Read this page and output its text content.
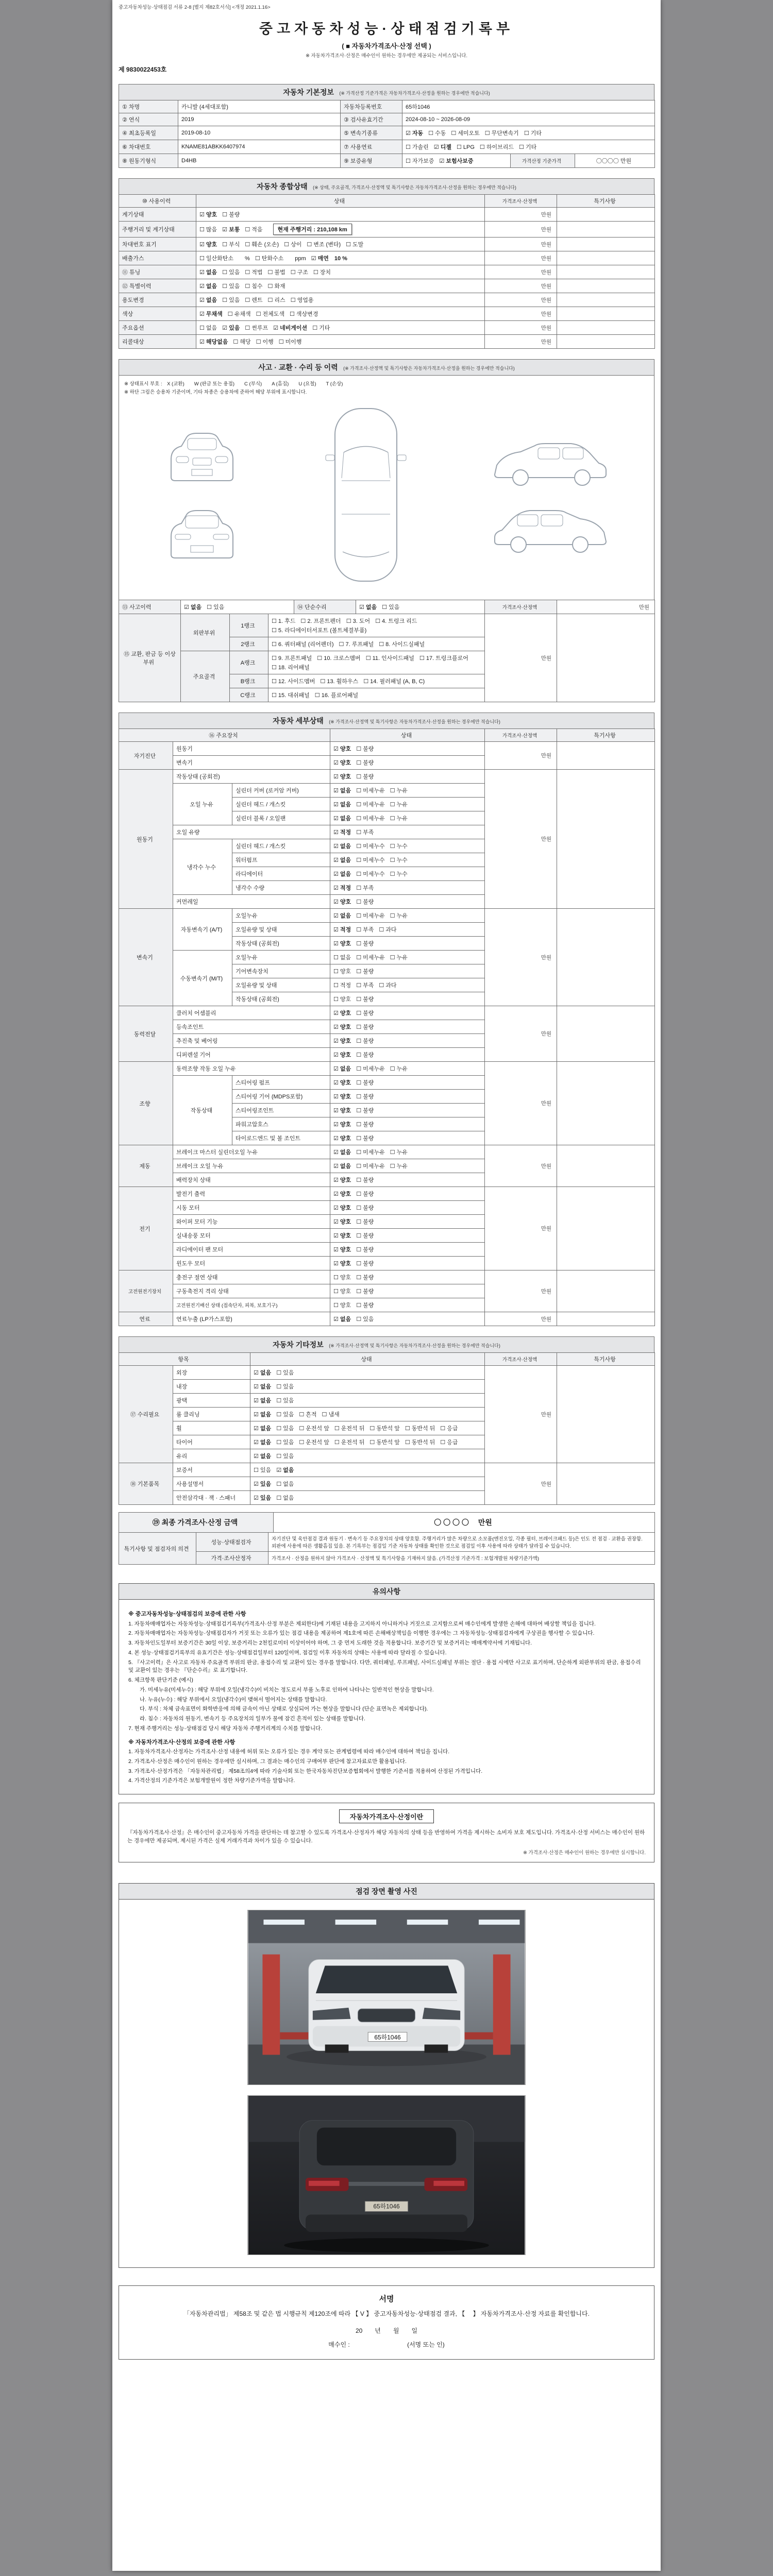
중고자동차성능·상태점검 서류 2-8 [별지 제82호서식] <개정 2021.1.16>
중고자동차성능·상태점검기록부
( ■ 자동차가격조사·산정 선택 )
※ 자동차가격조사·산정은 매수인이 원하는 경우에만 제공되는 서비스입니다.
제 9830022453호
자동차 기본정보 (※ 가격산정 기준가격은 자동차가격조사·산정을 원하는 경우에만 적습니다)
① 차명	카니발 (4세대포함)	자동차등록번호	65하1046		
② 연식	2019	③ 검사유효기간	2024-08-10 ~ 2026-08-09		
④ 최초등록일	2019-08-10	⑤ 변속기종류	☑ 자동 ☐ 수동 ☐ 세미오토 ☐ 무단변속기 ☐ 기타		
⑥ 차대번호	KNAME81ABKK6407974	⑦ 사용연료	☐ 가솔린 ☑ 디젤 ☐ LPG ☐ 하이브리드 ☐ 기타		
⑧ 원동기형식	D4HB	⑨ 보증유형	☐ 자가보증 ☑ 보험사보증	가격산정 기준가격	〇〇〇〇 만원
자동차 종합상태 (※ 상태, 주요골격, 가격조사·산정액 및 특기사항은 자동차가격조사·산정을 원하는 경우에만 적습니다)
⑩ 사용이력	상태	가격조사·산정액	특기사항
계기상태	☑ 양호 ☐ 불량	만원	
주행거리 및 계기상태	☐ 많음 ☑ 보통 ☐ 적음 현재 주행거리 : 210,108 km	만원	
차대번호 표기	☑ 양호 ☐ 부식 ☐ 훼손 (오손) ☐ 상이 ☐ 변조 (변타) ☐ 도말	만원	
배출가스	☐ 일산화탄소　　% ☐ 탄화수소　　ppm ☑ 매연　10 %	만원	
⑪ 튜닝	☑ 없음 ☐ 있음 ☐ 적법 ☐ 불법 ☐ 구조 ☐ 장치	만원	
⑫ 특별이력	☑ 없음 ☐ 있음 ☐ 침수 ☐ 화재	만원	
용도변경	☑ 없음 ☐ 있음 ☐ 렌트 ☐ 리스 ☐ 영업용	만원	
색상	☑ 무채색 ☐ 유채색 ☐ 전체도색 ☐ 색상변경	만원	
주요옵션	☐ 없음 ☑ 있음 ☐ 썬루프 ☑ 네비게이션 ☐ 기타	만원	
리콜대상	☑ 해당없음 ☐ 해당 ☐ 이행 ☐ 미이행	만원	
사고 · 교환 · 수리 등 이력 (※ 가격조사·산정액 및 특기사항은 자동차가격조사·산정을 원하는 경우에만 적습니다)
※ 상태표시 부호 :　X (교환)　　W (판금 또는 용접)　　C (부식)　　A (흠집)　　U (요철)　　T (손상)
※ 하단 그림은 승용차 기준이며, 기타 차종은 승용차에 준하여 해당 부위에 표시합니다.
⑬ 사고이력	☑ 없음 ☐ 있음	⑭ 단순수리	☑ 없음 ☐ 있음	가격조사·산정액	만원
⑮ 교환, 판금 등 이상 부위	외판부위	1랭크	☐ 1. 후드 ☐ 2. 프론트펜더 ☐ 3. 도어 ☐ 4. 트렁크 리드☐ 5. 라디에이터서포트 (볼트체결부품)	만원	
		2랭크	☐ 6. 쿼터패널 (리어펜더) ☐ 7. 루프패널 ☐ 8. 사이드실패널		
	주요골격	A랭크	☐ 9. 프론트패널 ☐ 10. 크로스멤버 ☐ 11. 인사이드패널 ☐ 17. 트렁크플로어☐ 18. 리어패널		
		B랭크	☐ 12. 사이드멤버 ☐ 13. 휠하우스 ☐ 14. 필러패널 (A, B, C)		
		C랭크	☐ 15. 대쉬패널 ☐ 16. 플로어패널		
자동차 세부상태 (※ 가격조사·산정액 및 특기사항은 자동차가격조사·산정을 원하는 경우에만 적습니다)
⑯ 주요장치			상태	가격조사·산정액	특기사항
자기진단	원동기		☑ 양호 ☐ 불량	만원	
	변속기		☑ 양호 ☐ 불량		
원동기	작동상태 (공회전)		☑ 양호 ☐ 불량	만원	
	오일 누유	실린더 커버 (로커암 커버)	☑ 없음 ☐ 미세누유 ☐ 누유		
		실린더 헤드 / 개스킷	☑ 없음 ☐ 미세누유 ☐ 누유		
		실린더 블록 / 오일팬	☑ 없음 ☐ 미세누유 ☐ 누유		
	오일 유량		☑ 적정 ☐ 부족		
	냉각수 누수	실린더 헤드 / 개스킷	☑ 없음 ☐ 미세누수 ☐ 누수		
		워터펌프	☑ 없음 ☐ 미세누수 ☐ 누수		
		라디에이터	☑ 없음 ☐ 미세누수 ☐ 누수		
		냉각수 수량	☑ 적정 ☐ 부족		
	커먼레일		☑ 양호 ☐ 불량		
변속기	자동변속기 (A/T)	오일누유	☑ 없음 ☐ 미세누유 ☐ 누유	만원	
		오일유량 및 상태	☑ 적정 ☐ 부족 ☐ 과다		
		작동상태 (공회전)	☑ 양호 ☐ 불량		
	수동변속기 (M/T)	오일누유	☐ 없음 ☐ 미세누유 ☐ 누유		
		기어변속장치	☐ 양호 ☐ 불량		
		오일유량 및 상태	☐ 적정 ☐ 부족 ☐ 과다		
		작동상태 (공회전)	☐ 양호 ☐ 불량		
동력전달	클러치 어셈블리		☑ 양호 ☐ 불량	만원	
	등속조인트		☑ 양호 ☐ 불량		
	추진축 및 베어링		☑ 양호 ☐ 불량		
	디퍼렌셜 기어		☑ 양호 ☐ 불량		
조향	동력조향 작동 오일 누유		☑ 없음 ☐ 미세누유 ☐ 누유	만원	
	작동상태	스티어링 펌프	☑ 양호 ☐ 불량		
		스티어링 기어 (MDPS포함)	☑ 양호 ☐ 불량		
		스티어링조인트	☑ 양호 ☐ 불량		
		파워고압호스	☑ 양호 ☐ 불량		
		타이로드엔드 및 볼 조인트	☑ 양호 ☐ 불량		
제동	브레이크 마스터 실린더오일 누유		☑ 없음 ☐ 미세누유 ☐ 누유	만원	
	브레이크 오일 누유		☑ 없음 ☐ 미세누유 ☐ 누유		
	배력장치 상태		☑ 양호 ☐ 불량		
전기	발전기 출력		☑ 양호 ☐ 불량	만원	
	시동 모터		☑ 양호 ☐ 불량		
	와이퍼 모터 기능		☑ 양호 ☐ 불량		
	실내송풍 모터		☑ 양호 ☐ 불량		
	라디에이터 팬 모터		☑ 양호 ☐ 불량		
	윈도우 모터		☑ 양호 ☐ 불량		
고전원전기장치	충전구 절연 상태		☐ 양호 ☐ 불량	만원	
	구동축전지 격리 상태		☐ 양호 ☐ 불량		
	고전원전기배선 상태 (접속단자, 피복, 보호기구)		☐ 양호 ☐ 불량		
연료	연료누출 (LP가스포함)		☑ 없음 ☐ 있음	만원	
자동차 기타정보 (※ 가격조사·산정액 및 특기사항은 자동차가격조사·산정을 원하는 경우에만 적습니다)
항목		상태	가격조사·산정액	특기사항
⑰ 수리필요	외장	☑ 없음 ☐ 있음	만원	
	내장	☑ 없음 ☐ 있음		
	광택	☑ 없음 ☐ 있음		
	룸 클리닝	☑ 없음 ☐ 있음 ☐ 흔적 ☐ 냄새		
	휠	☑ 없음 ☐ 있음 ☐ 운전석 앞 ☐ 운전석 뒤 ☐ 동반석 앞 ☐ 동반석 뒤 ☐ 응급		
	타이어	☑ 없음 ☐ 있음 ☐ 운전석 앞 ☐ 운전석 뒤 ☐ 동반석 앞 ☐ 동반석 뒤 ☐ 응급		
	유리	☑ 없음 ☐ 있음		
⑱ 기본품목	보증서	☐ 있음 ☑ 없음	만원	
	사용설명서	☑ 있음 ☐ 없음		
	안전삼각대 · 잭 · 스패너	☑ 있음 ☐ 없음		
⑲ 최종 가격조사·산정 금액	〇 〇 〇 〇 　만원
특기사항 및 점검자의 의견	성능·상태점검자	자기진단 및 육안점검 결과 원동기 · 변속기 등 주요장치의 상태 양호함. 주행거리가 많은 차량으로 소모품(엔진오일, 각종 필터, 브레이크패드 등)은 인도 전 점검 · 교환을 권장함. 외판에 사용에 따른 생활흠집 있음. 본 기록부는 점검일 기준 자동차 상태를 확인한 것으로 점검일 이후 사용에 따라 상태가 달라질 수 있습니다.
	가격·조사산정자	가격조사 · 산정을 원하지 않아 가격조사 · 산정액 및 특기사항을 기재하지 않음. (가격산정 기준가격 : 보험개발원 차량기준가액)
유의사항

※ 중고자동차성능·상태점검의 보증에 관한 사항

1. 자동차매매업자는 자동차성능·상태점검기록부(가격조사·산정 부분은 제외한다)에 기재된 내용을 고지하지 아니하거나 거짓으로 고지함으로써 매수인에게 발생한 손해에 대하여 배상할 책임을 집니다.

2. 자동차매매업자는 자동차성능·상태점검자가 거짓 또는 오류가 있는 점검 내용을 제공하여 제1호에 따른 손해배상책임을 이행한 경우에는 그 자동차성능·상태점검자에게 구상권을 행사할 수 있습니다.

3. 자동차인도일부터 보증기간은 30일 이상, 보증거리는 2천킬로미터 이상이어야 하며, 그 중 먼저 도래한 것을 적용합니다. 보증기간 및 보증거리는 매매계약서에 기재됩니다.

4. 본 성능·상태점검기록부의 유효기간은 성능·상태점검일부터 120일이며, 점검일 이후 자동차의 상태는 사용에 따라 달라질 수 있습니다.

5. 『사고이력』은 사고로 자동차 주요골격 부위의 판금, 용접수리 및 교환이 있는 경우를 말합니다. 다만, 쿼터패널, 루프패널, 사이드실패널 부위는 절단 · 용접 시에만 사고로 표기하며, 단순하게 외판부위의 판금, 용접수리 및 교환이 있는 경우는 『단순수리』로 표기합니다.

6. 체크항목 판단기준 (예시)

가. 미세누유(미세누수) : 해당 부위에 오일(냉각수)이 비치는 정도로서 부품 노후로 인하여 나타나는 일반적인 현상을 말합니다.

나. 누유(누수) : 해당 부위에서 오일(냉각수)이 맺혀서 떨어지는 상태를 말합니다.

다. 부식 : 차체 금속표면이 화학반응에 의해 금속이 아닌 상태로 상실되어 가는 현상을 말합니다 (단순 표면녹은 제외합니다).

라. 침수 : 자동차의 원동기, 변속기 등 주요장치의 일부가 물에 잠긴 흔적이 있는 상태를 말합니다.

7. 현재 주행거리는 성능·상태점검 당시 해당 자동차 주행거리계의 수치를 말합니다.

※ 자동차가격조사·산정의 보증에 관한 사항

1. 자동차가격조사·산정자는 가격조사·산정 내용에 허위 또는 오류가 있는 경우 계약 또는 관계법령에 따라 매수인에 대하여 책임을 집니다.

2. 가격조사·산정은 매수인이 원하는 경우에만 실시하며, 그 결과는 매수인의 구매여부 판단에 참고자료로만 활용됩니다.

3. 가격조사·산정가격은 「자동차관리법」 제58조의4에 따라 기술사회 또는 한국자동차진단보증협회에서 발행한 기준서를 적용하여 산정된 가격입니다.

4. 가격산정의 기준가격은 보험개발원이 정한 차량기준가액을 말합니다.

자동차가격조사·산정이란
『자동차가격조사·산정』은 매수인이 중고자동차 가격을 판단하는 데 참고할 수 있도록 가격조사·산정자가 해당 자동차의 상태 등을 반영하여 가격을 제시하는 소비자 보호 제도입니다. 가격조사·산정 서비스는 매수인이 원하는 경우에만 제공되며, 제시된 가격은 실제 거래가격과 차이가 있을 수 있습니다.
※ 가격조사·산정은 매수인이 원하는 경우에만 실시합니다.
점검 장면 촬영 사진
65하1046
65하1046
서명
「자동차관리법」 제58조 및 같은 법 시행규칙 제120조에 따라 【 V 】 중고자동차성능·상태점검 결과, 【　 】 자동차가격조사·산정 자료를 확인합니다.
20　　년　　월　　일
매수인 :　　　　　　　　　 (서명 또는 인)
